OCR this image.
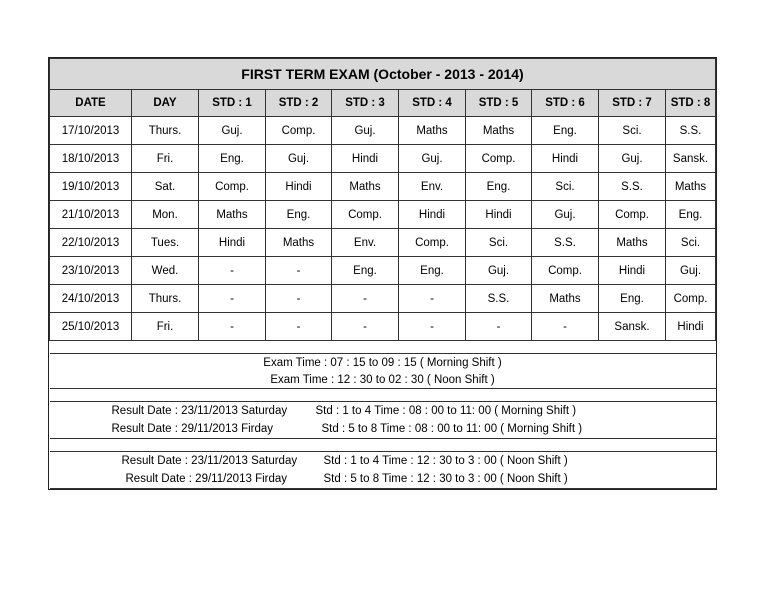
FIRST TERM EXAM (October - 2013 - 2014)									
DATE	DAY	STD : 1	STD : 2	STD : 3	STD : 4	STD : 5	STD : 6	STD : 7	STD : 8
17/10/2013	Thurs.	Guj.	Comp.	Guj.	Maths	Maths	Eng.	Sci.	S.S.
18/10/2013	Fri.	Eng.	Guj.	Hindi	Guj.	Comp.	Hindi	Guj.	Sansk.
19/10/2013	Sat.	Comp.	Hindi	Maths	Env.	Eng.	Sci.	S.S.	Maths
21/10/2013	Mon.	Maths	Eng.	Comp.	Hindi	Hindi	Guj.	Comp.	Eng.
22/10/2013	Tues.	Hindi	Maths	Env.	Comp.	Sci.	S.S.	Maths	Sci.
23/10/2013	Wed.	-	-	Eng.	Eng.	Guj.	Comp.	Hindi	Guj.
24/10/2013	Thurs.	-	-	-	-	S.S.	Maths	Eng.	Comp.
25/10/2013	Fri.	-	-	-	-	-	-	Sansk.	Hindi

Exam Time : 07 : 15 to 09 : 15 ( Morning Shift )									
Exam Time : 12 : 30 to 02 : 30 ( Noon Shift )									

Result Date : 23/11/2013 Saturday Std : 1 to 4 Time : 08 : 00 to 11: 00 ( Morning Shift )									
Result Date : 29/11/2013 Firday Std : 5 to 8 Time : 08 : 00 to 11: 00 ( Morning Shift )									

Result Date : 23/11/2013 Saturday Std : 1 to 4 Time : 12 : 30 to 3 : 00 ( Noon Shift )									
Result Date : 29/11/2013 Firday Std : 5 to 8 Time : 12 : 30 to 3 : 00 ( Noon Shift )									
